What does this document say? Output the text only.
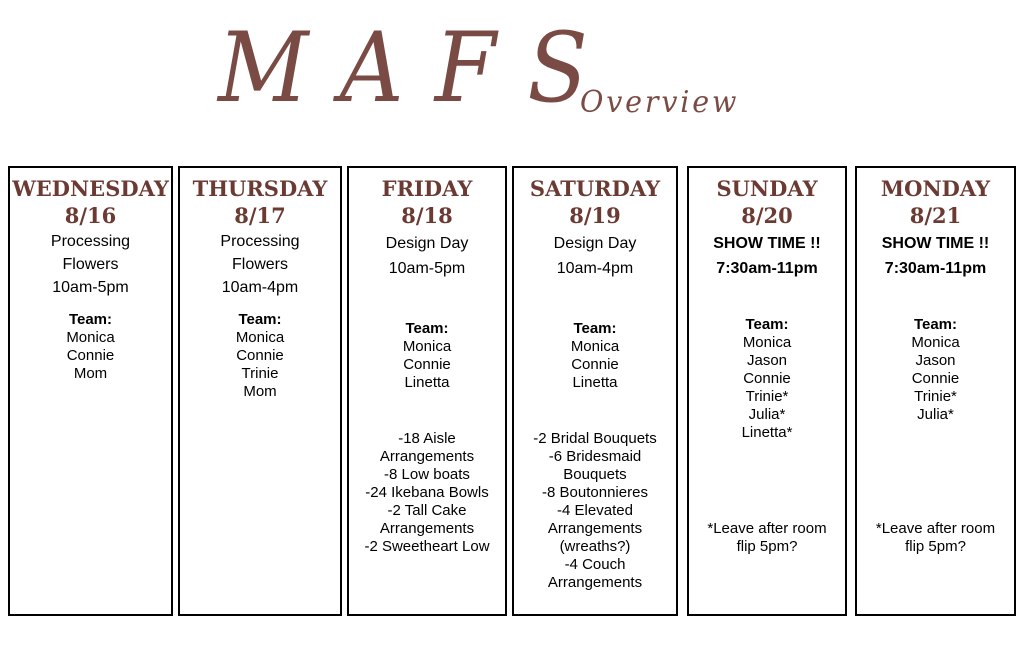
MAFS
Overview
WEDNESDAY
8/16
Processing
Flowers
10am-5pm
Team:
Monica
Connie
Mom
THURSDAY
8/17
Processing
Flowers
10am-4pm
Team:
Monica
Connie
Trinie
Mom
FRIDAY
8/18
Design Day
10am-5pm
Team:
Monica
Connie
Linetta
-18 Aisle
Arrangements
-8 Low boats
-24 Ikebana Bowls
-2 Tall Cake
Arrangements
-2 Sweetheart Low
SATURDAY
8/19
Design Day
10am-4pm
Team:
Monica
Connie
Linetta
-2 Bridal Bouquets
-6 Bridesmaid
Bouquets
-8 Boutonnieres
-4 Elevated
Arrangements
(wreaths?)
-4 Couch
Arrangements
SUNDAY
8/20
SHOW TIME !!
7:30am-11pm
Team:
Monica
Jason
Connie
Trinie*
Julia*
Linetta*
*Leave after room
flip 5pm?
MONDAY
8/21
SHOW TIME !!
7:30am-11pm
Team:
Monica
Jason
Connie
Trinie*
Julia*
*Leave after room
flip 5pm?
